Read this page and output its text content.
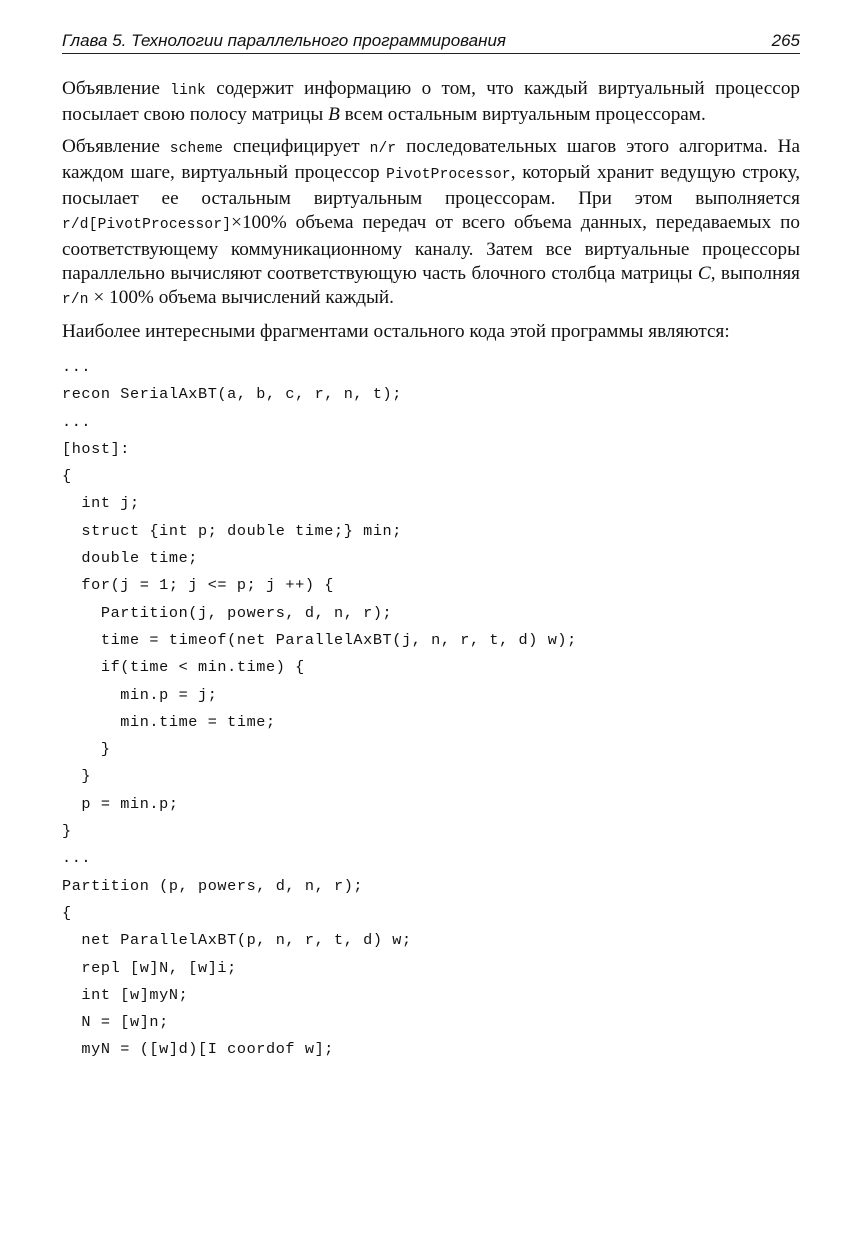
Глава 5. Технологии параллельного программирования	265

Объявление link содержит информацию о том, что каждый виртуальный процессор посылает свою полосу матрицы B всем остальным виртуальным процессорам.

Объявление scheme специфицирует n/r последовательных шагов этого алгоритма. На каждом шаге, виртуальный процессор PivotProcessor, который хранит ведущую строку, посылает ее остальным виртуальным процессорам. При этом выполняется r/d[PivotProcessor]×100% объема передач от всего объема данных, передаваемых по соответствующему коммуникационному каналу. Затем все виртуальные процессоры параллельно вычисляют соответствующую часть блочного столбца матрицы C, выполняя r/n × 100% объема вычислений каждый.

Наиболее интересными фрагментами остального кода этой программы являются:

...
recon SerialAxBT(a, b, c, r, n, t);
...
[host]:
{
int j;
struct {int p; double time;} min;
double time;
for(j = 1; j <= p; j ++) {
Partition(j, powers, d, n, r);
time = timeof(net ParallelAxBT(j, n, r, t, d) w);
if(time < min.time) {
min.p = j;
min.time = time;
}
}
p = min.p;
}
...
Partition (p, powers, d, n, r);
{
net ParallelAxBT(p, n, r, t, d) w;
repl [w]N, [w]i;
int [w]myN;
N = [w]n;
myN = ([w]d)[I coordof w];
